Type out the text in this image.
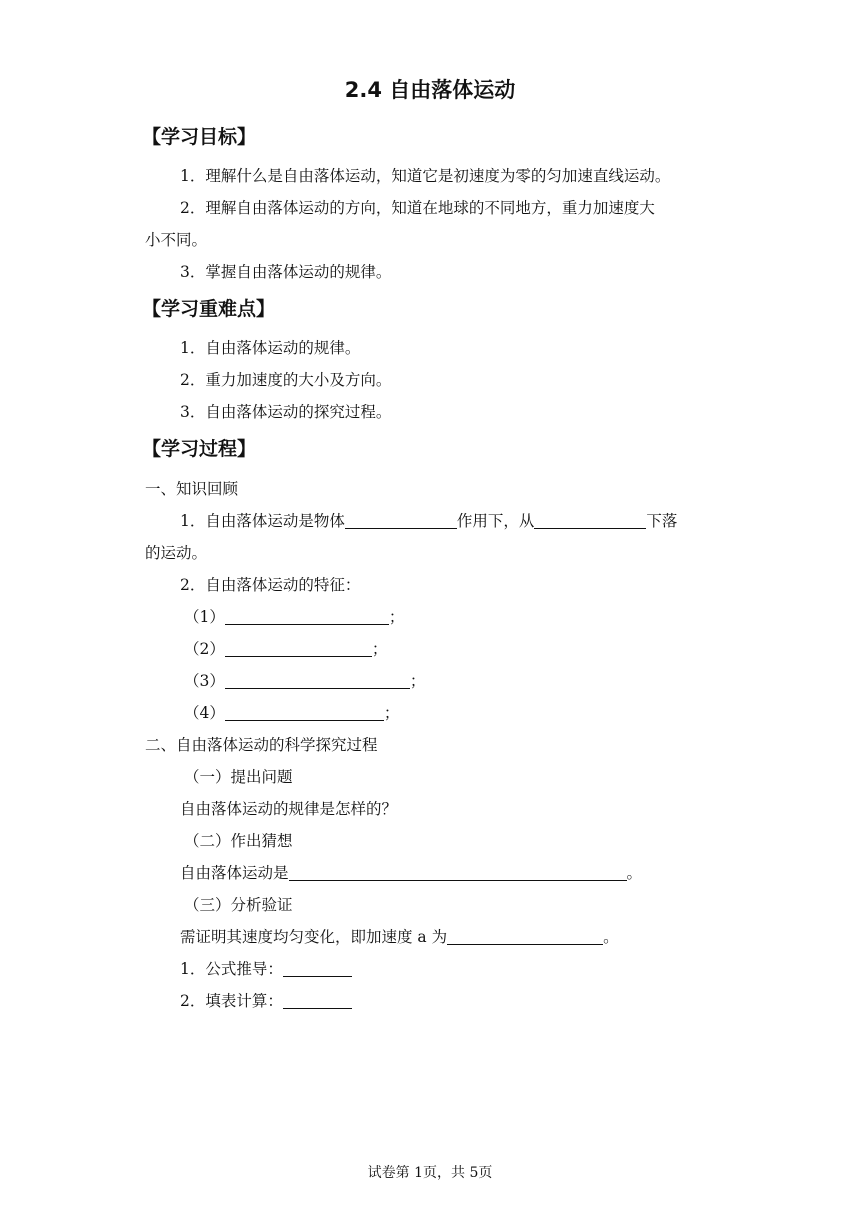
2.4 自由落体运动
【学习目标】
1．理解什么是自由落体运动，知道它是初速度为零的匀加速直线运动。
2．理解自由落体运动的方向，知道在地球的不同地方，重力加速度大
小不同。
3．掌握自由落体运动的规律。
【学习重难点】
1．自由落体运动的规律。
2．重力加速度的大小及方向。
3．自由落体运动的探究过程。
【学习过程】
一、知识回顾
1．自由落体运动是物体	作用下，从	下落
的运动。
2．自由落体运动的特征：
（1）	；
（2）	；
（3）	；
（4）	；
二、自由落体运动的科学探究过程
（一）提出问题
自由落体运动的规律是怎样的？
（二）作出猜想
自由落体运动是	。
（三）分析验证
需证明其速度均匀变化，即加速度 a 为	。
1．公式推导：
2．填表计算：
试卷第 1页，共 5页
